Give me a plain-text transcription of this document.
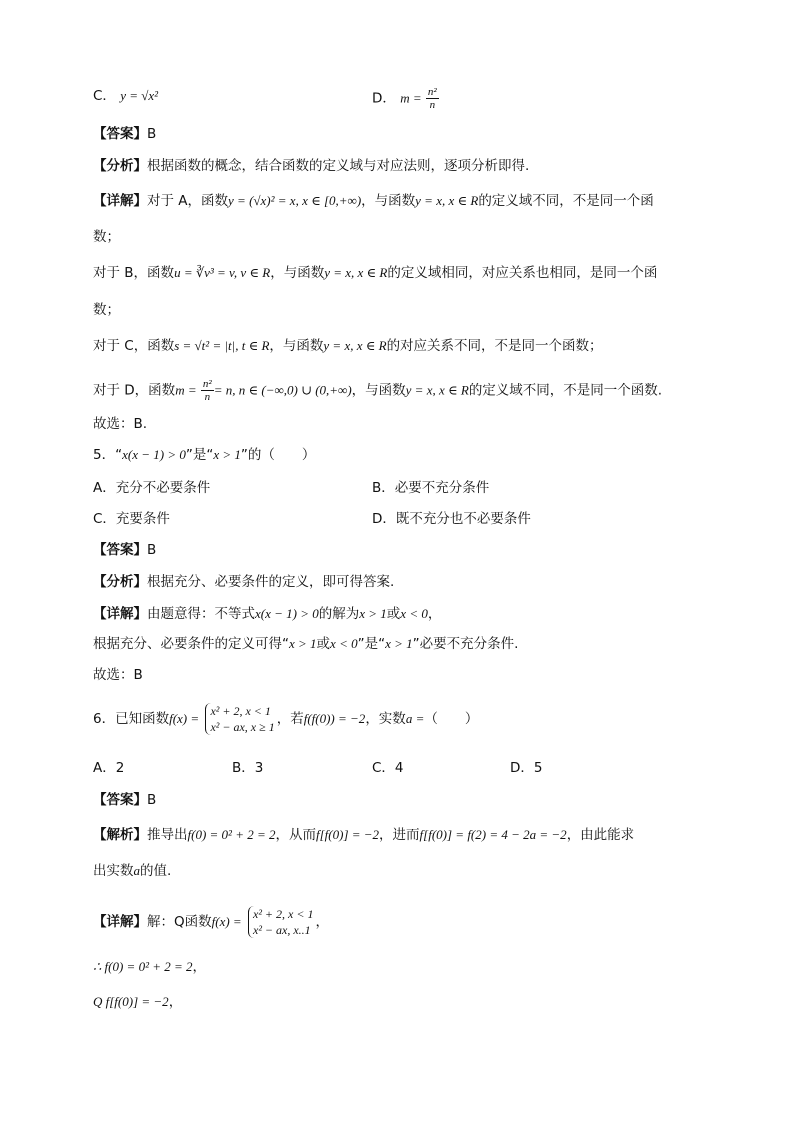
C． y = √x²	D． $m = \frac{\text{n²}}{n}$
【答案】B
【分析】根据函数的概念，结合函数的定义域与对应法则，逐项分析即得.
【详解】对于 A，函数y = (√x)² = x, x ∈ [0,+∞)，与函数y = x, x ∈ R的定义域不同，不是同一个函
数；
对于 B，函数u = ∛v³ = v, v ∈ R，与函数y = x, x ∈ R的定义域相同，对应关系也相同，是同一个函
数；
对于 C，函数s = √t² = |t|, t ∈ R，与函数y = x, x ∈ R的对应关系不同，不是同一个函数；
对于 D，函数$m = \frac{\text{n²}}{n} = n$, n ∈ (−∞,0) ∪ (0,+∞)，与函数y = x, x ∈ R的定义域不同，不是同一个函数.
故选：B.
5．“x(x − 1) > 0”是“x > 1”的（　　）
A．充分不必要条件	B．必要不充分条件
C．充要条件	D．既不充分也不必要条件
【答案】B
【分析】根据充分、必要条件的定义，即可得答案.
【详解】由题意得：不等式x(x − 1) > 0的解为x > 1或x < 0，
根据充分、必要条件的定义可得“x > 1或x < 0”是“x > 1”必要不充分条件.
故选：B
6．已知函数f(x) = x² + 2, x < 1
x² − ax, x ≥ 1 ，若f(f(0)) = −2，实数a =（　　）
A．2	B．3	C．4	D．5
【答案】B
【解析】推导出f(0) = 0² + 2 = 2，从而f[f(0)] = −2，进而f[f(0)] = f(2) = 4 − 2a = −2，由此能求
出实数a的值.
【详解】解：Q函数f(x) = x² + 2, x < 1
x² − ax, x..1 ，
∴ f(0) = 0² + 2 = 2，
Q f[f(0)] = −2，
